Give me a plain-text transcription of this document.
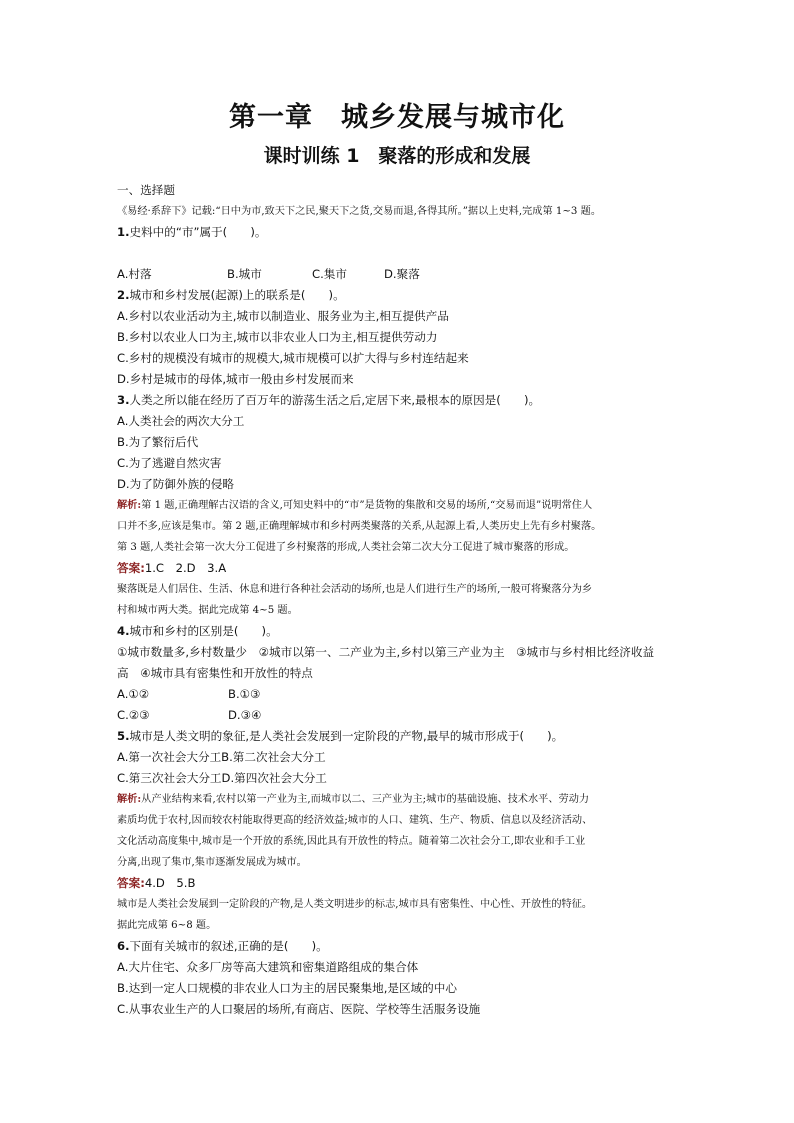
第一章　城乡发展与城市化
课时训练 1　聚落的形成和发展
一、选择题
《易经·系辞下》记载:“日中为市,致天下之民,聚天下之货,交易而退,各得其所。”据以上史料,完成第 1~3 题。
1.史料中的“市”属于(　　)。
A.村落	B.城市	C.集市	D.聚落
2.城市和乡村发展(起源)上的联系是(　　)。
A.乡村以农业活动为主,城市以制造业、服务业为主,相互提供产品
B.乡村以农业人口为主,城市以非农业人口为主,相互提供劳动力
C.乡村的规模没有城市的规模大,城市规模可以扩大得与乡村连结起来
D.乡村是城市的母体,城市一般由乡村发展而来
3.人类之所以能在经历了百万年的游荡生活之后,定居下来,最根本的原因是(　　)。
A.人类社会的两次大分工
B.为了繁衍后代
C.为了逃避自然灾害
D.为了防御外族的侵略
解析:第 1 题,正确理解古汉语的含义,可知史料中的“市”是货物的集散和交易的场所,“交易而退”说明常住人
口并不多,应该是集市。第 2 题,正确理解城市和乡村两类聚落的关系,从起源上看,人类历史上先有乡村聚落。
第 3 题,人类社会第一次大分工促进了乡村聚落的形成,人类社会第二次大分工促进了城市聚落的形成。
答案:1.C　2.D　3.A
聚落既是人们居住、生活、休息和进行各种社会活动的场所,也是人们进行生产的场所,一般可将聚落分为乡
村和城市两大类。据此完成第 4~5 题。
4.城市和乡村的区别是(　　)。
①城市数量多,乡村数量少　②城市以第一、二产业为主,乡村以第三产业为主　③城市与乡村相比经济收益
高　④城市具有密集性和开放性的特点
A.①②	B.①③
C.②③	D.③④
5.城市是人类文明的象征,是人类社会发展到一定阶段的产物,最早的城市形成于(　　)。
A.第一次社会大分工B.第二次社会大分工
C.第三次社会大分工D.第四次社会大分工
解析:从产业结构来看,农村以第一产业为主,而城市以二、三产业为主;城市的基础设施、技术水平、劳动力
素质均优于农村,因而较农村能取得更高的经济效益;城市的人口、建筑、生产、物质、信息以及经济活动、
文化活动高度集中,城市是一个开放的系统,因此具有开放性的特点。随着第二次社会分工,即农业和手工业
分离,出现了集市,集市逐渐发展成为城市。
答案:4.D　5.B
城市是人类社会发展到一定阶段的产物,是人类文明进步的标志,城市具有密集性、中心性、开放性的特征。
据此完成第 6~8 题。
6.下面有关城市的叙述,正确的是(　　)。
A.大片住宅、众多厂房等高大建筑和密集道路组成的集合体
B.达到一定人口规模的非农业人口为主的居民聚集地,是区域的中心
C.从事农业生产的人口聚居的场所,有商店、医院、学校等生活服务设施
